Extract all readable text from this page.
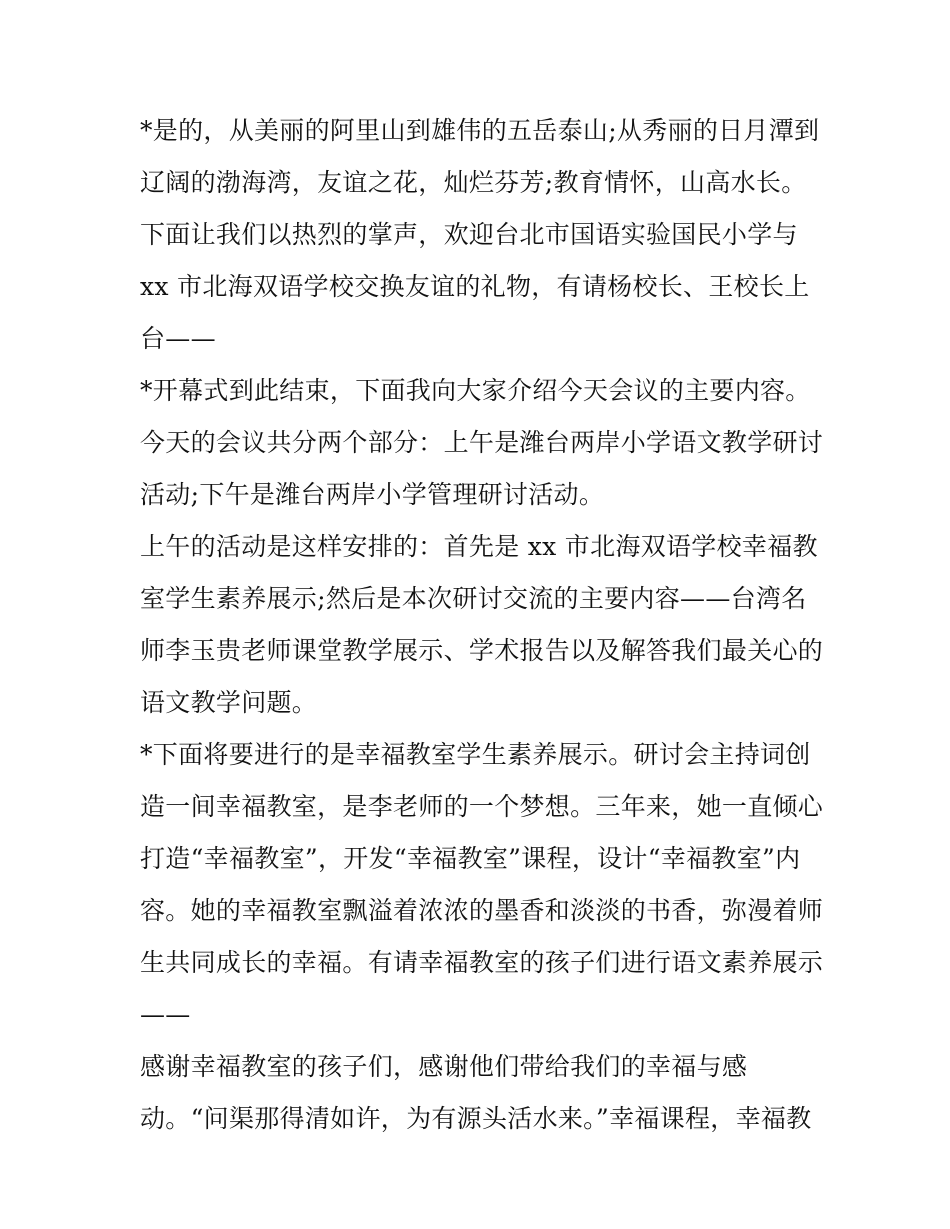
*是的，从美丽的阿里山到雄伟的五岳泰山;从秀丽的日月潭到
辽阔的渤海湾，友谊之花，灿烂芬芳;教育情怀，山高水长。
下面让我们以热烈的掌声，欢迎台北市国语实验国民小学与
xx 市北海双语学校交换友谊的礼物，有请杨校长、王校长上
台——
*开幕式到此结束，下面我向大家介绍今天会议的主要内容。
今天的会议共分两个部分：上午是潍台两岸小学语文教学研讨
活动;下午是潍台两岸小学管理研讨活动。
上午的活动是这样安排的：首先是 xx 市北海双语学校幸福教
室学生素养展示;然后是本次研讨交流的主要内容——台湾名
师李玉贵老师课堂教学展示、学术报告以及解答我们最关心的
语文教学问题。
*下面将要进行的是幸福教室学生素养展示。研讨会主持词创
造一间幸福教室，是李老师的一个梦想。三年来，她一直倾心
打造“幸福教室”，开发“幸福教室”课程，设计“幸福教室”内
容。她的幸福教室飘溢着浓浓的墨香和淡淡的书香，弥漫着师
生共同成长的幸福。有请幸福教室的孩子们进行语文素养展示
——
感谢幸福教室的孩子们，感谢他们带给我们的幸福与感
动。“问渠那得清如许，为有源头活水来。”幸福课程，幸福教
